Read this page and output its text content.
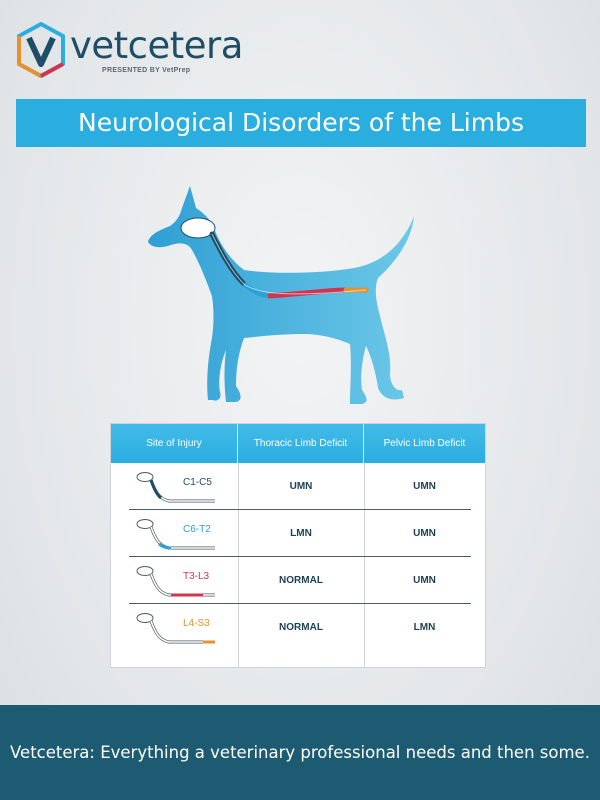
vetcetera
PRESENTED BY VetPrep
Neurological Disorders of the Limbs
Site of Injury	Thoracic Limb Deficit	Pelvic Limb Deficit
C1-C5	UMN	UMN
C6-T2	LMN	UMN
T3-L3	NORMAL	UMN
L4-S3	NORMAL	LMN
Vetcetera: Everything a veterinary professional needs and then some.
